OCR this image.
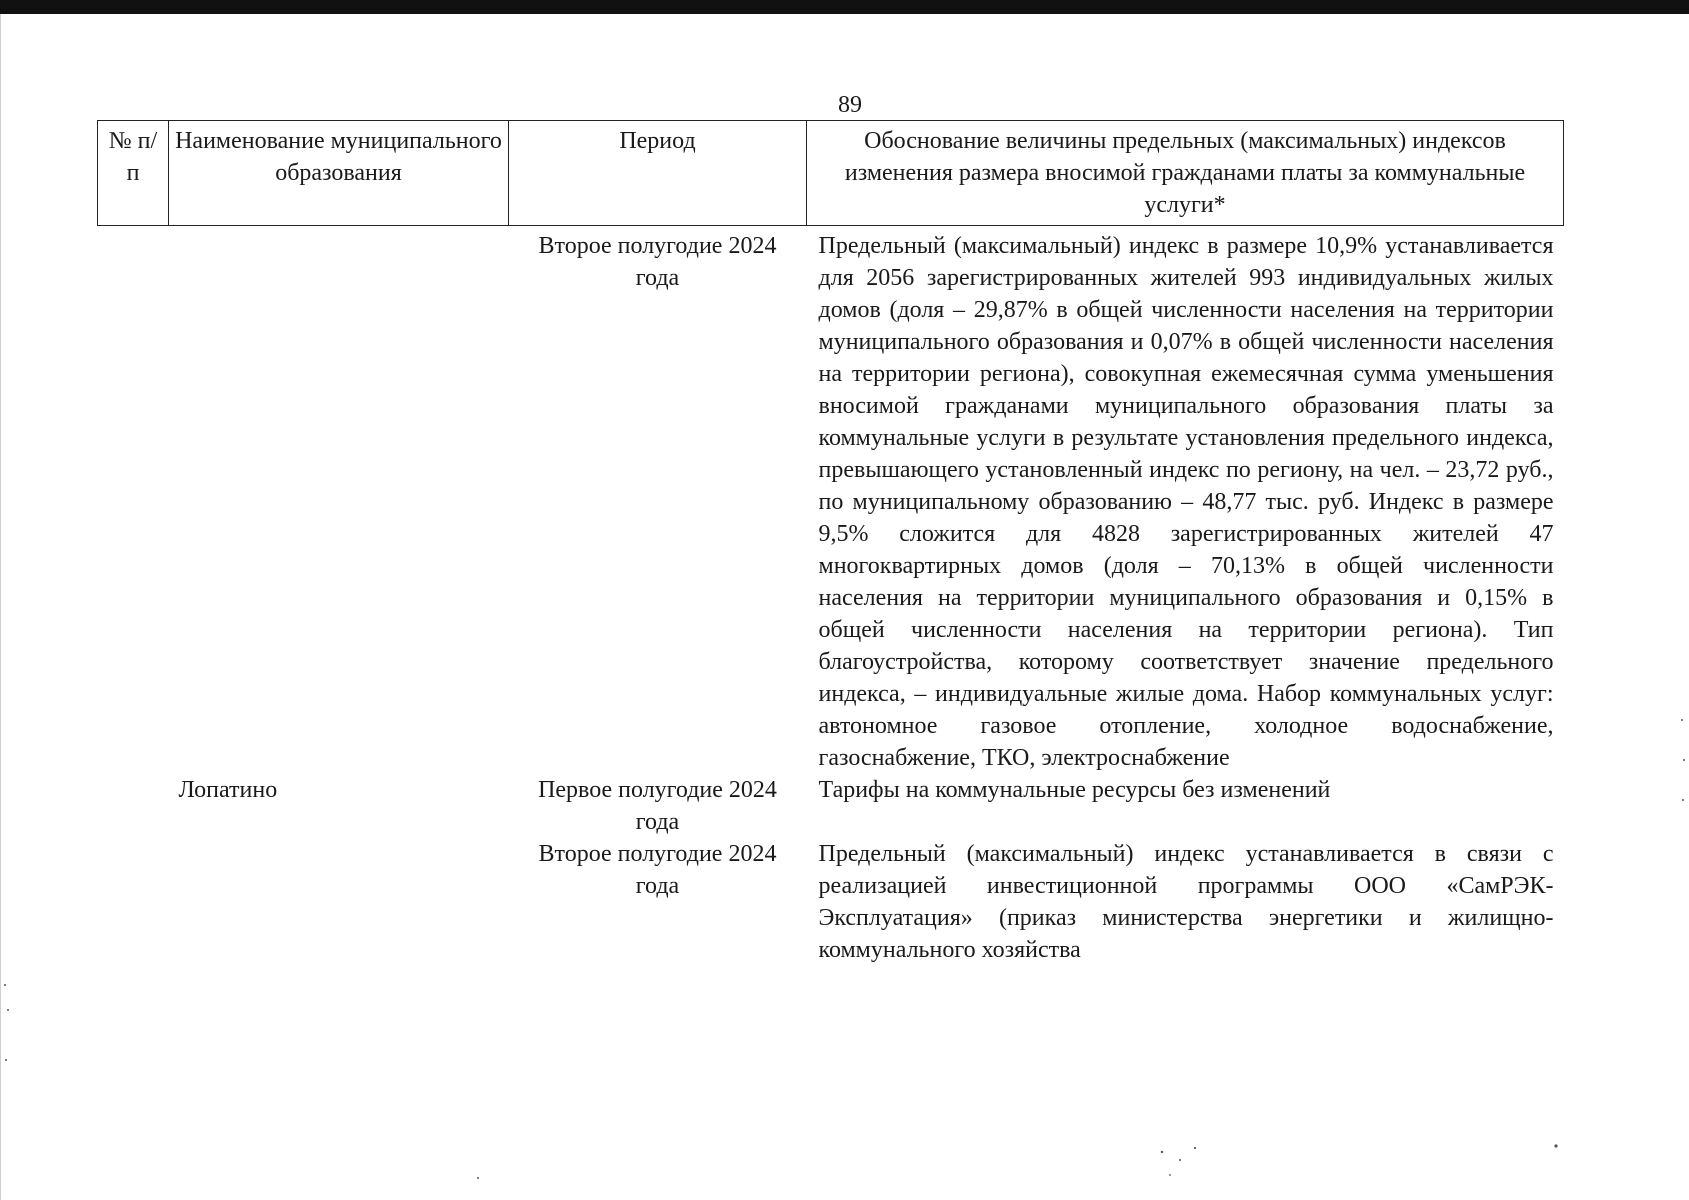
89
№ п/п	Наименование муниципального образования	Период	Обоснование величины предельных (максимальных) индексов изменения размера вносимой гражданами платы за коммунальные услуги*
		Второе полугодие 2024 года	Предельный (максимальный) индекс в размере 10,9% устанавливается для 2056 зарегистрированных жителей 993 индивидуальных жилых домов (доля – 29,87% в общей численности населения на территории муниципального образования и 0,07% в общей численности населения на территории региона), совокупная ежемесячная сумма уменьшения вносимой гражданами муниципального образования платы за коммунальные услуги в результате установления предельного индекса, превышающего установленный индекс по региону, на чел. – 23,72 руб., по муниципальному образованию – 48,77 тыс. руб. Индекс в размере 9,5% сложится для 4828 зарегистрированных жителей 47 многоквартирных домов (доля – 70,13% в общей численности населения на территории муниципального образования и 0,15% в общей численности населения на территории региона). Тип благоустройства, которому соответствует значение предельного индекса, – индивидуальные жилые дома. Набор коммунальных услуг: автономное газовое отопление, холодное водоснабжение, газоснабжение, ТКО, электроснабжение
	Лопатино	Первое полугодие 2024 года	Тарифы на коммунальные ресурсы без изменений
		Второе полугодие 2024 года	Предельный (максимальный) индекс устанавливается в связи с реализацией инвестиционной программы ООО «СамРЭК-Эксплуатация» (приказ министерства энергетики и жилищно-коммунального хозяйства
